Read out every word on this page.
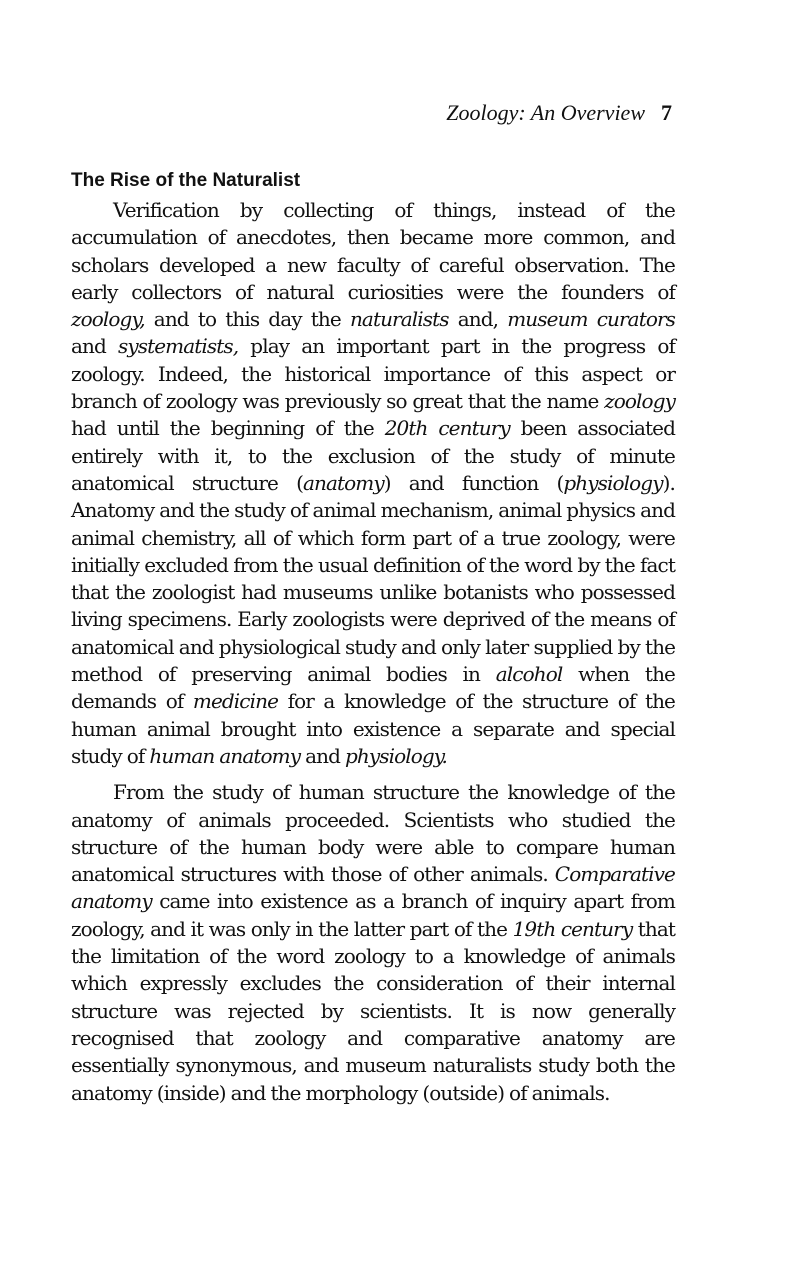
Zoology: An Overview 7
The Rise of the Naturalist

Verification by collecting of things, instead of the accumulation of anecdotes, then became more common, and scholars developed a new faculty of careful observation. The early collectors of natural curiosities were the founders of zoology, and to this day the naturalists and, museum curators and systematists, play an important part in the progress of zoology. Indeed, the historical importance of this aspect or branch of zoology was previously so great that the name zoology had until the beginning of the 20th century been associated entirely with it, to the exclusion of the study of minute anatomical structure (anatomy) and function (physiology). Anatomy and the study of animal mechanism, animal physics and animal chemistry, all of which form part of a true zoology, were initially excluded from the usual definition of the word by the fact that the zoologist had museums unlike botanists who possessed living specimens. Early zoologists were deprived of the means of anatomical and physiological study and only later supplied by the method of preserving animal bodies in alcohol when the demands of medicine for a knowledge of the structure of the human animal brought into existence a separate and special study of human anatomy and physiology.

From the study of human structure the knowledge of the anatomy of animals proceeded. Scientists who studied the structure of the human body were able to compare human anatomical structures with those of other animals. Comparative anatomy came into existence as a branch of inquiry apart from zoology, and it was only in the latter part of the 19th century that the limitation of the word zoology to a knowledge of animals which expressly excludes the consideration of their internal structure was rejected by scientists. It is now generally recognised that zoology and comparative anatomy are essentially synonymous, and museum naturalists study both the anatomy (inside) and the morphology (outside) of animals.
